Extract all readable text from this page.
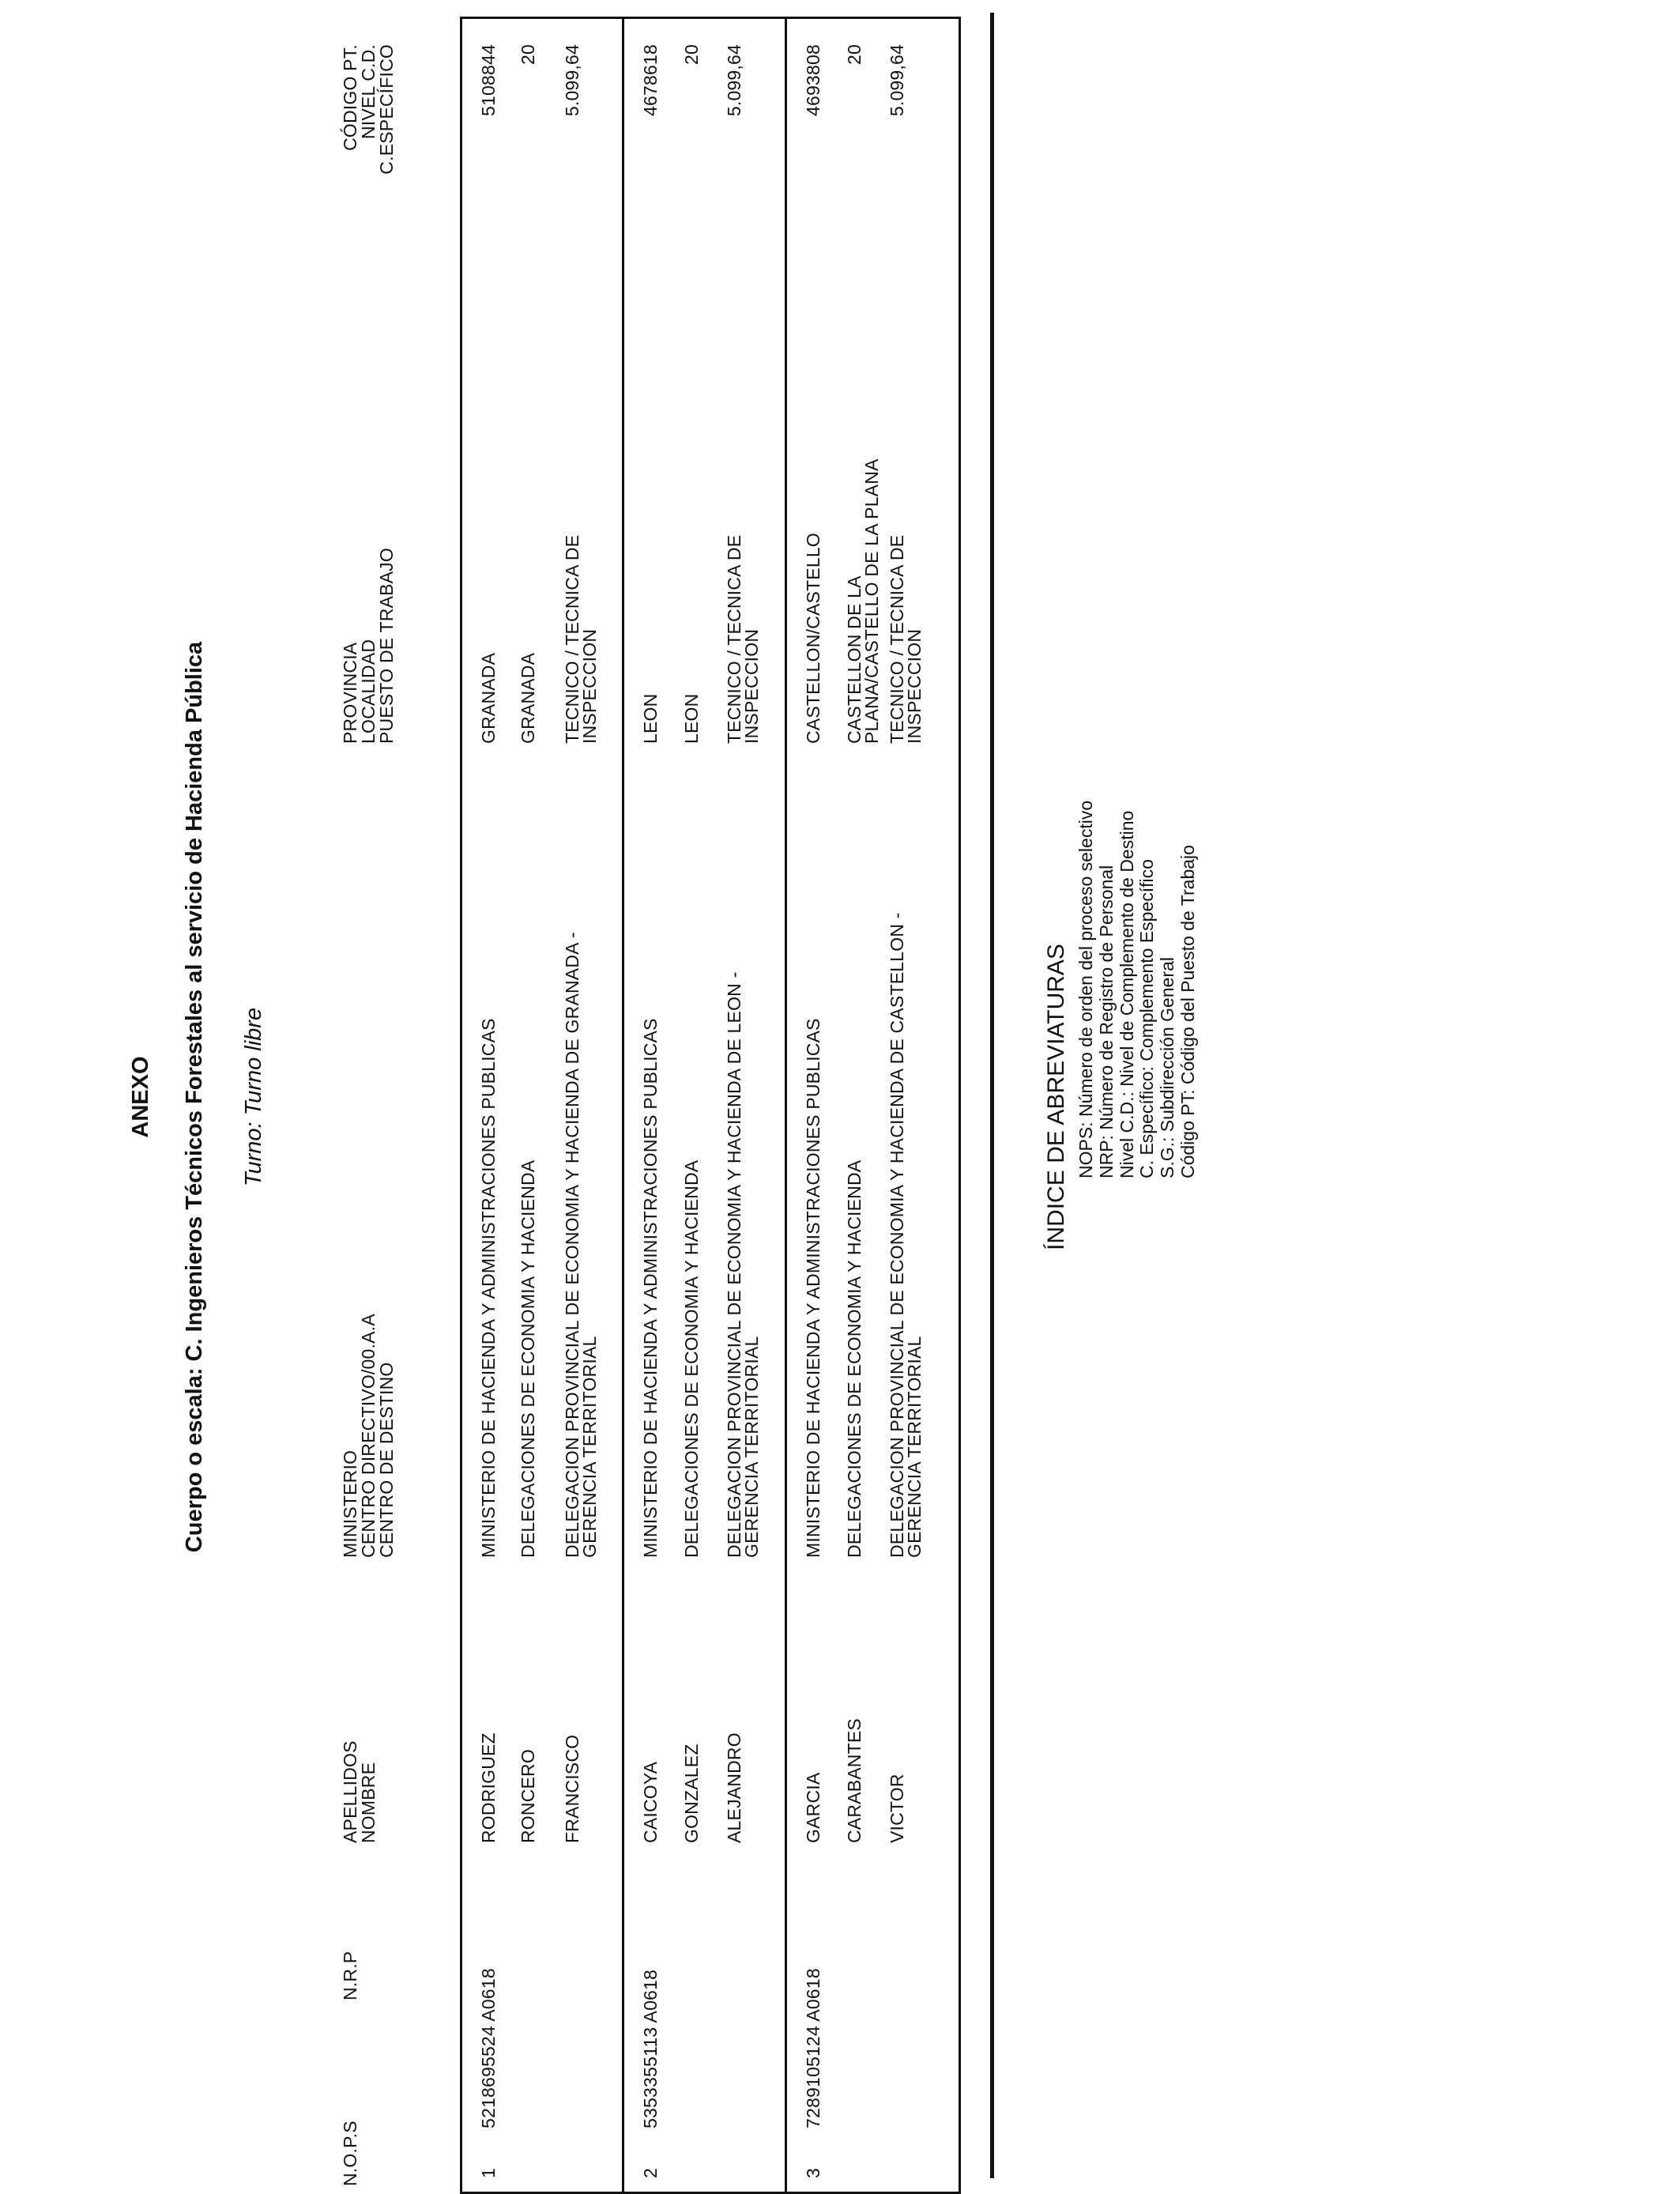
ANEXO Cuerpo o escala: C. Ingenieros Técnicos Forestales al servicio de Hacienda Pública Turno: Turno libre
N.O.P.S
N.R.P
APELLIDOS
NOMBRE
MINISTERIO
CENTRO DIRECTIVO/00.A.A
CENTRO DE DESTINO
PROVINCIA
LOCALIDAD
PUESTO DE TRABAJO
CÓDIGO PT.
NIVEL C.D.
C.ESPECÍFICO
1
5218695524 A0618
RODRIGUEZ RONCERO FRANCISCO
MINISTERIO DE HACIENDA Y ADMINISTRACIONES PUBLICAS DELEGACIONES DE ECONOMIA Y HACIENDA DELEGACION PROVINCIAL DE ECONOMIA Y HACIENDA DE GRANADA -
GERENCIA TERRITORIAL
GRANADA GRANADA TECNICO / TECNICA DE
INSPECCION
5108844 20 5.099,64
2
5353355113 A0618
CAICOYA GONZALEZ ALEJANDRO
MINISTERIO DE HACIENDA Y ADMINISTRACIONES PUBLICAS DELEGACIONES DE ECONOMIA Y HACIENDA DELEGACION PROVINCIAL DE ECONOMIA Y HACIENDA DE LEON -
GERENCIA TERRITORIAL
LEON LEON TECNICO / TECNICA DE
INSPECCION
4678618 20 5.099,64
3
7289105124 A0618
GARCIA CARABANTES VICTOR
MINISTERIO DE HACIENDA Y ADMINISTRACIONES PUBLICAS DELEGACIONES DE ECONOMIA Y HACIENDA DELEGACION PROVINCIAL DE ECONOMIA Y HACIENDA DE CASTELLON -
GERENCIA TERRITORIAL
CASTELLON/CASTELLO CASTELLON DE LA
PLANA/CASTELLO DE LA PLANA TECNICO / TECNICA DE
INSPECCION
4693808 20 5.099,64
ÍNDICE DE ABREVIATURAS NOPS: Número de orden del proceso selectivo NRP: Número de Registro de Personal Nivel C.D.: Nivel de Complemento de Destino C. Específico: Complemento Específico S.G.: Subdirección General Código PT: Código del Puesto de Trabajo
